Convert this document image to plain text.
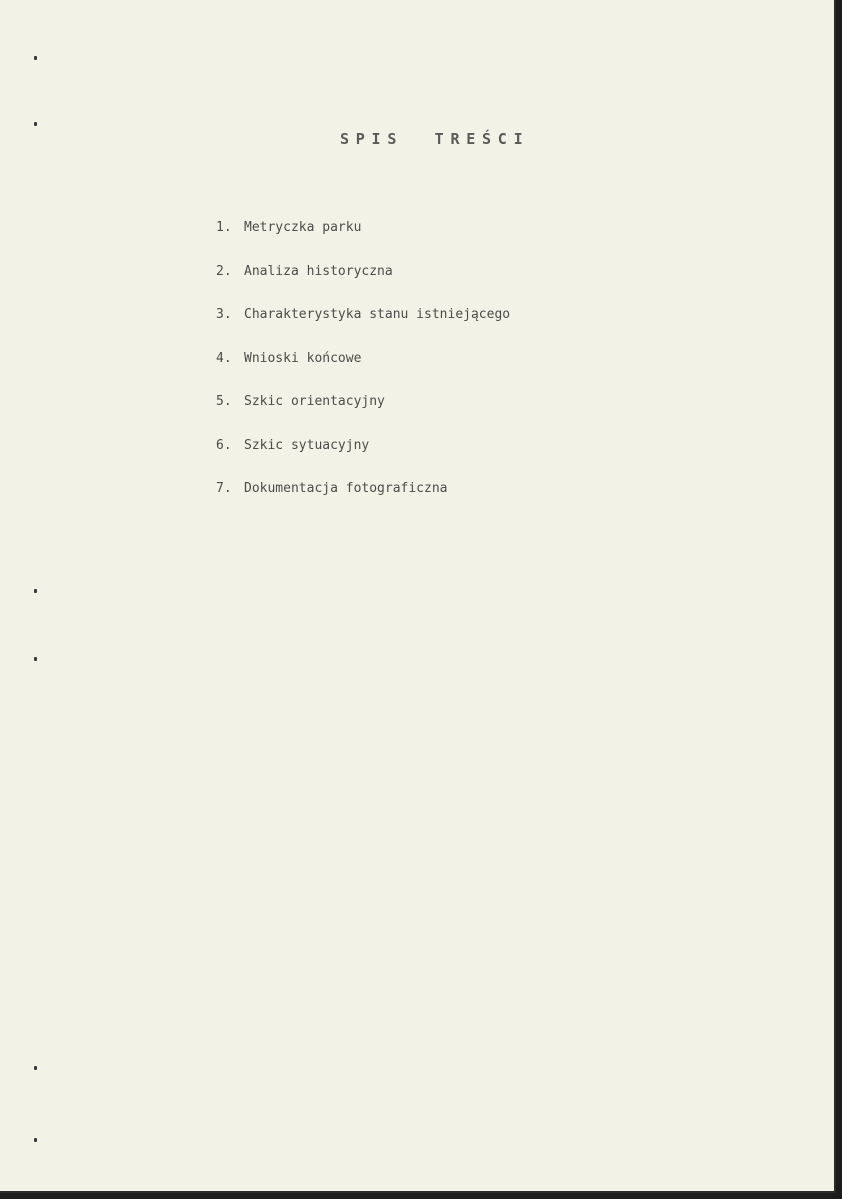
SPIS  TREŚCI
1. Metryczka parku
2. Analiza historyczna
3. Charakterystyka stanu istniejącego
4. Wnioski końcowe
5. Szkic orientacyjny
6. Szkic sytuacyjny
7. Dokumentacja fotograficzna
